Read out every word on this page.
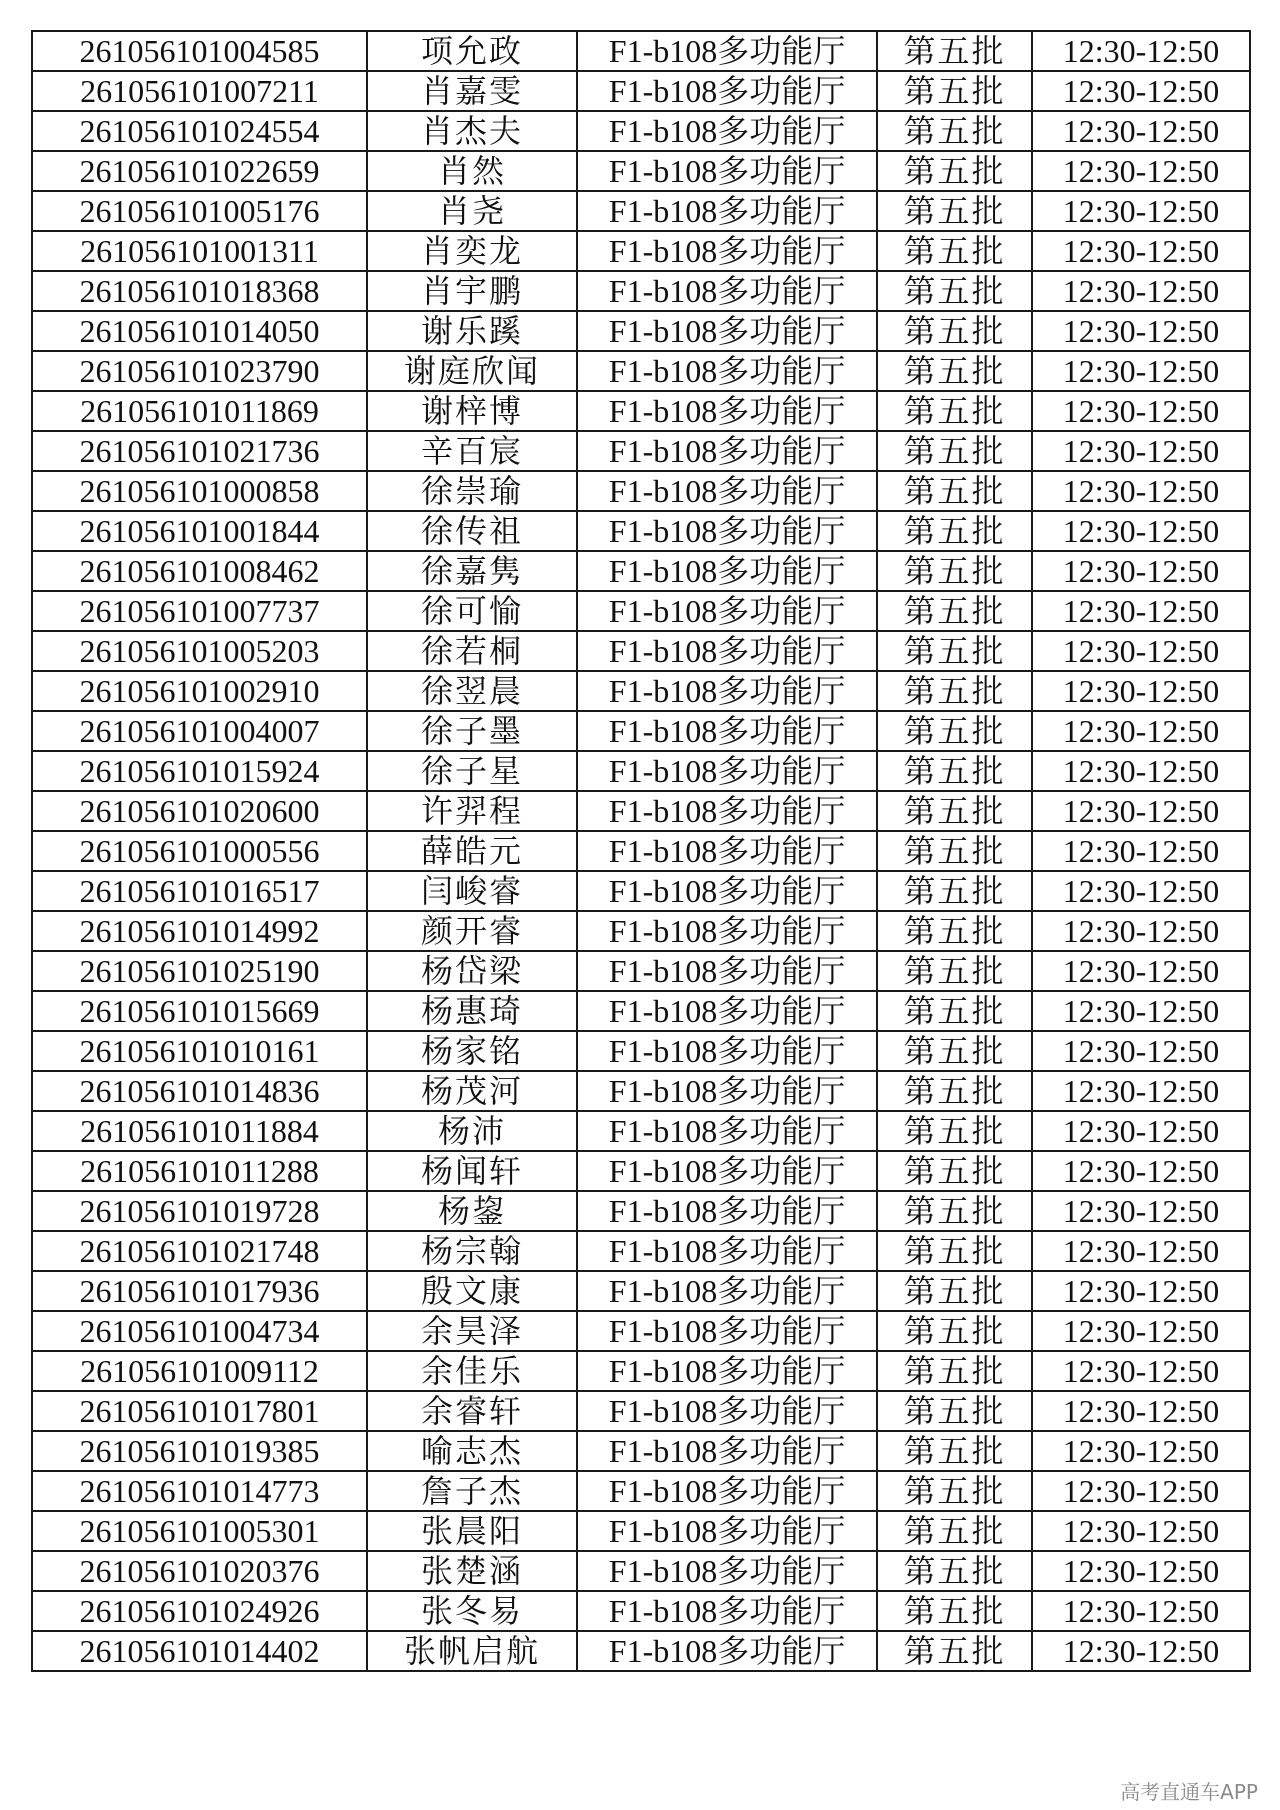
261056101004585	项允政	F1-b108多功能厅	第五批	12:30-12:50
261056101007211	肖嘉雯	F1-b108多功能厅	第五批	12:30-12:50
261056101024554	肖杰夫	F1-b108多功能厅	第五批	12:30-12:50
261056101022659	肖然	F1-b108多功能厅	第五批	12:30-12:50
261056101005176	肖尧	F1-b108多功能厅	第五批	12:30-12:50
261056101001311	肖奕龙	F1-b108多功能厅	第五批	12:30-12:50
261056101018368	肖宇鹏	F1-b108多功能厅	第五批	12:30-12:50
261056101014050	谢乐蹊	F1-b108多功能厅	第五批	12:30-12:50
261056101023790	谢庭欣闻	F1-b108多功能厅	第五批	12:30-12:50
261056101011869	谢梓博	F1-b108多功能厅	第五批	12:30-12:50
261056101021736	辛百宸	F1-b108多功能厅	第五批	12:30-12:50
261056101000858	徐崇瑜	F1-b108多功能厅	第五批	12:30-12:50
261056101001844	徐传祖	F1-b108多功能厅	第五批	12:30-12:50
261056101008462	徐嘉隽	F1-b108多功能厅	第五批	12:30-12:50
261056101007737	徐可愉	F1-b108多功能厅	第五批	12:30-12:50
261056101005203	徐若桐	F1-b108多功能厅	第五批	12:30-12:50
261056101002910	徐翌晨	F1-b108多功能厅	第五批	12:30-12:50
261056101004007	徐子墨	F1-b108多功能厅	第五批	12:30-12:50
261056101015924	徐子星	F1-b108多功能厅	第五批	12:30-12:50
261056101020600	许羿程	F1-b108多功能厅	第五批	12:30-12:50
261056101000556	薛皓元	F1-b108多功能厅	第五批	12:30-12:50
261056101016517	闫峻睿	F1-b108多功能厅	第五批	12:30-12:50
261056101014992	颜开睿	F1-b108多功能厅	第五批	12:30-12:50
261056101025190	杨岱梁	F1-b108多功能厅	第五批	12:30-12:50
261056101015669	杨惠琦	F1-b108多功能厅	第五批	12:30-12:50
261056101010161	杨家铭	F1-b108多功能厅	第五批	12:30-12:50
261056101014836	杨茂河	F1-b108多功能厅	第五批	12:30-12:50
261056101011884	杨沛	F1-b108多功能厅	第五批	12:30-12:50
261056101011288	杨闻轩	F1-b108多功能厅	第五批	12:30-12:50
261056101019728	杨鋆	F1-b108多功能厅	第五批	12:30-12:50
261056101021748	杨宗翰	F1-b108多功能厅	第五批	12:30-12:50
261056101017936	殷文康	F1-b108多功能厅	第五批	12:30-12:50
261056101004734	余昊泽	F1-b108多功能厅	第五批	12:30-12:50
261056101009112	余佳乐	F1-b108多功能厅	第五批	12:30-12:50
261056101017801	余睿轩	F1-b108多功能厅	第五批	12:30-12:50
261056101019385	喻志杰	F1-b108多功能厅	第五批	12:30-12:50
261056101014773	詹子杰	F1-b108多功能厅	第五批	12:30-12:50
261056101005301	张晨阳	F1-b108多功能厅	第五批	12:30-12:50
261056101020376	张楚涵	F1-b108多功能厅	第五批	12:30-12:50
261056101024926	张冬易	F1-b108多功能厅	第五批	12:30-12:50
261056101014402	张帆启航	F1-b108多功能厅	第五批	12:30-12:50
高考直通车APP
